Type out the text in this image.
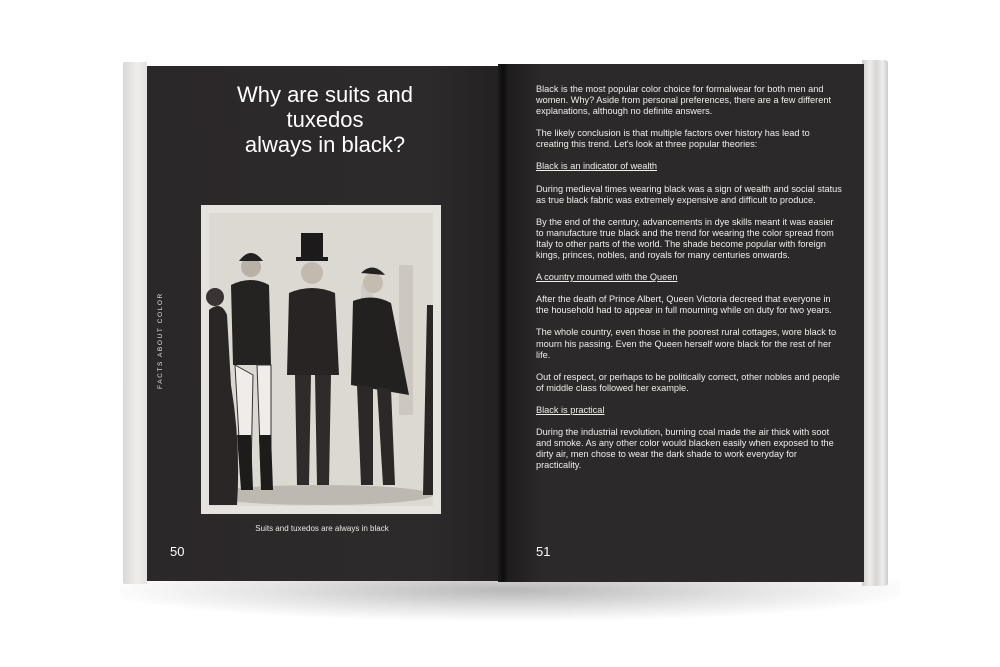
FACTS ABOUT COLOR
Why are suits and
tuxedos
always in black?
Suits and tuxedos are always in black
50

Black is the most popular color choice for formalwear for both men and women. Why? Aside from personal preferences, there are a few different explanations, although no definite answers.

The likely conclusion is that multiple factors over history has lead to creating this trend. Let's look at three popular theories:

Black is an indicator of wealth

During medieval times wearing black was a sign of wealth and social status as true black fabric was extremely expensive and difficult to produce.

By the end of the century, advancements in dye skills meant it was easier to manufacture true black and the trend for wearing the color spread from Italy to other parts of the world. The shade become popular with foreign kings, princes, nobles, and royals for many centuries onwards.

A country mourned with the Queen

After the death of Prince Albert, Queen Victoria decreed that everyone in the household had to appear in full mourning while on duty for two years.

The whole country, even those in the poorest rural cottages, wore black to mourn his passing. Even the Queen herself wore black for the rest of her life.

Out of respect, or perhaps to be politically correct, other nobles and people of middle class followed her example.

Black is practical

During the industrial revolution, burning coal made the air thick with soot and smoke. As any other color would blacken easily when exposed to the dirty air, men chose to wear the dark shade to work everyday for practicality.

51
